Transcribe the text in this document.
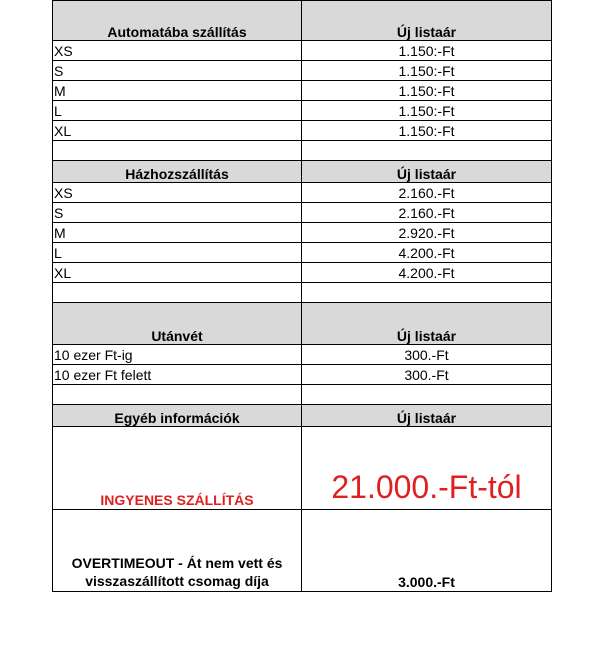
Automatába szállítás	Új listaár
XS	1.150:-Ft
S	1.150:-Ft
M	1.150:-Ft
L	1.150:-Ft
XL	1.150:-Ft

Házhozszállítás	Új listaár
XS	2.160.-Ft
S	2.160.-Ft
M	2.920.-Ft
L	4.200.-Ft
XL	4.200.-Ft

Utánvét	Új listaár
10 ezer Ft-ig	300.-Ft
10 ezer Ft felett	300.-Ft

Egyéb információk	Új listaár
INGYENES SZÁLLÍTÁS	21.000.-Ft-tól
OVERTIMEOUT - Át nem vett és visszaszállított csomag díja	3.000.-Ft
